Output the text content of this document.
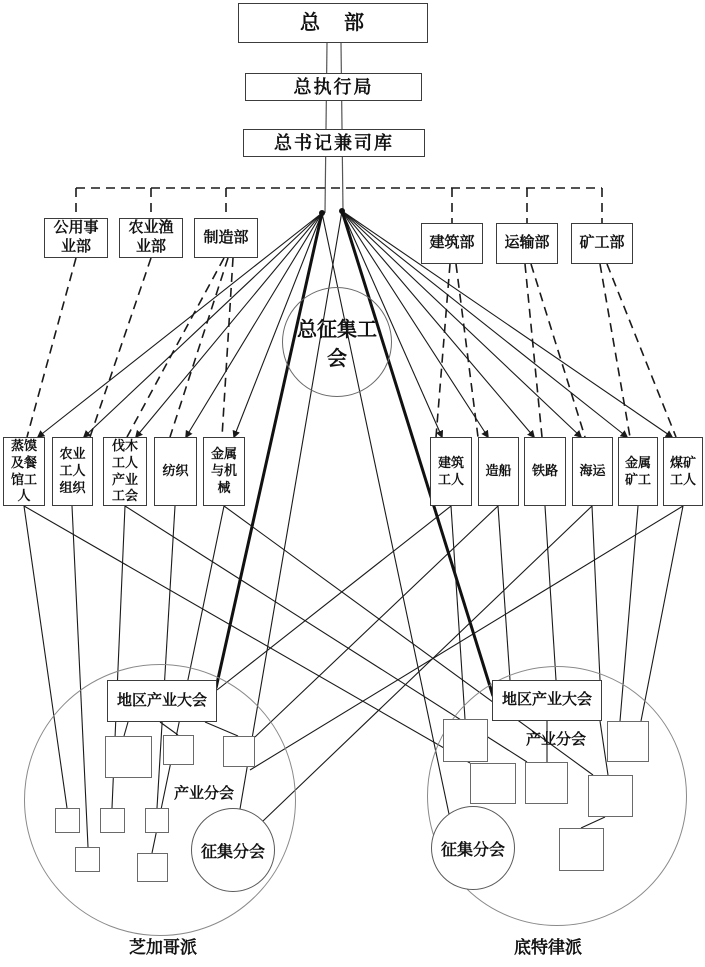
总　部
总执行局
总书记兼司库
公用事业部
农业渔业部
制造部	建筑部	运输部	矿工部
总征集工会
蒸馍及餐馆工人
农业工人组织
伐木工人产业工会
纺织
金属与机械
建筑工人
造船	铁路	海运
金属矿工
煤矿工人
地区产业大会
产业分会
征集分会
芝加哥派
地区产业大会
产业分会
征集分会
底特律派
